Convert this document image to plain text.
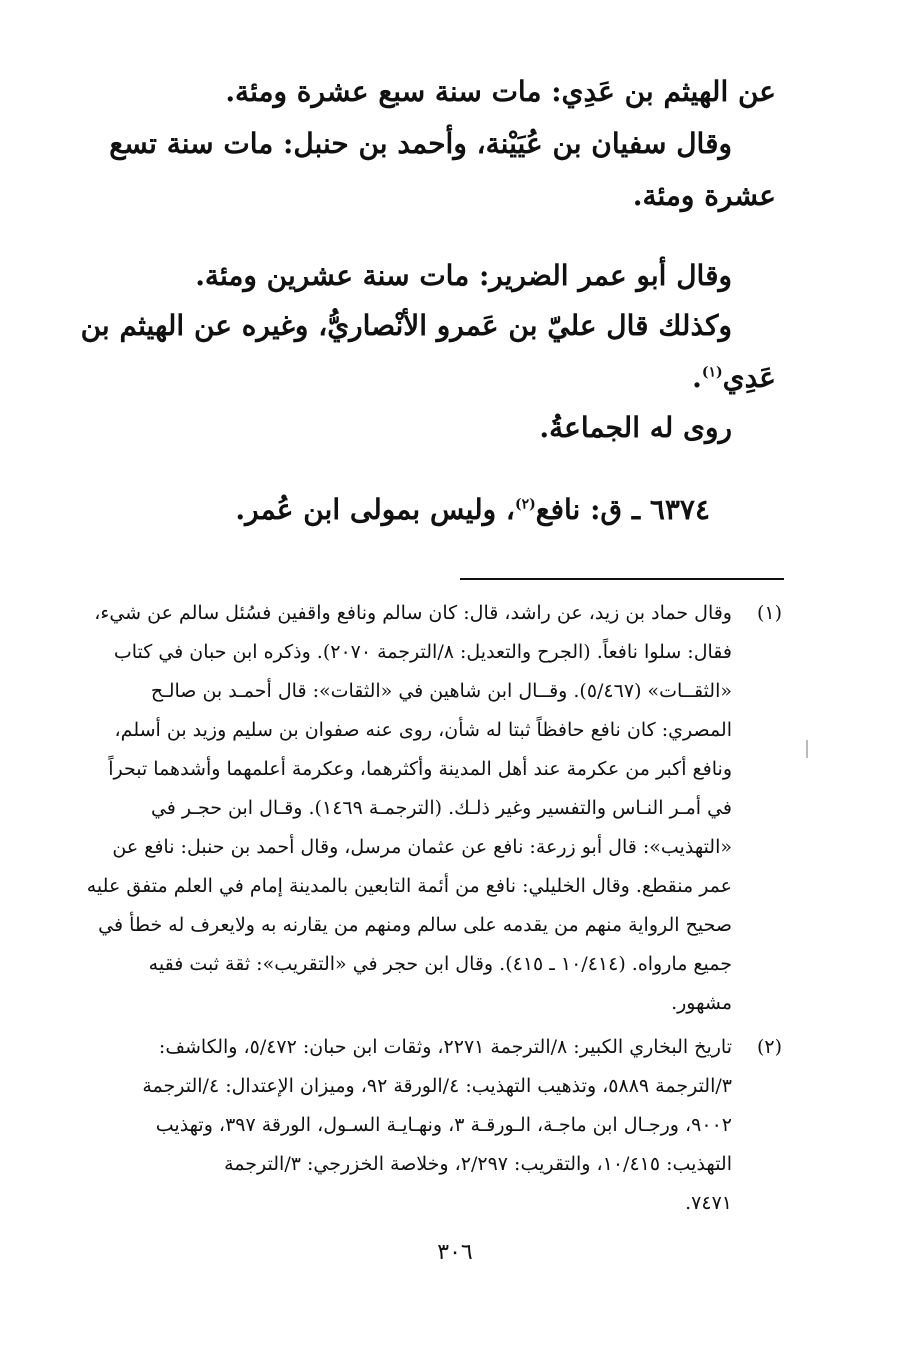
عن الهيثم بن عَدِي: مات سنة سبع عشرة ومئة.
وقال سفيان بن عُيَيْنة، وأحمد بن حنبل: مات سنة تسع
عشرة ومئة.
وقال أبو عمر الضرير: مات سنة عشرين ومئة.
وكذلك قال عليّ بن عَمرو الأنْصاريُّ، وغيره عن الهيثم بن
عَدِي$^{(١)}$.
روى له الجماعةُ.
٦٣٧٤ ـ ق: نافع$^{(٢)}$، وليس بمولى ابن عُمر.
(١)
وقال حماد بن زيد، عن راشد، قال: كان سالم ونافع واقفين فسُئل سالم عن شيء،
فقال: سلوا نافعاً. (الجرح والتعديل: ٨/الترجمة ٢٠٧٠). وذكره ابن حبان في كتاب
«الثقــات» (٥/٤٦٧). وقــال ابن شاهين في «الثقات»: قال أحمـد بن صالـح
المصري: كان نافع حافظاً ثبتا له شأن، روى عنه صفوان بن سليم وزيد بن أسلم،
ونافع أكبر من عكرمة عند أهل المدينة وأكثرهما، وعكرمة أعلمهما وأشدهما تبحراً
في أمـر النـاس والتفسير وغير ذلـك. (الترجمـة ١٤٦٩). وقـال ابن حجـر في
«التهذيب»: قال أبو زرعة: نافع عن عثمان مرسل، وقال أحمد بن حنبل: نافع عن
عمر منقطع. وقال الخليلي: نافع من أئمة التابعين بالمدينة إمام في العلم متفق عليه
صحيح الرواية منهم من يقدمه على سالم ومنهم من يقارنه به ولايعرف له خطأ في
جميع مارواه. (١٠/٤١٤ ـ ٤١٥). وقال ابن حجر في «التقريب»: ثقة ثبت فقيه
مشهور.
(٢)
تاريخ البخاري الكبير: ٨/الترجمة ٢٢٧١، وثقات ابن حبان: ٥/٤٧٢، والكاشف:
٣/الترجمة ٥٨٨٩، وتذهيب التهذيب: ٤/الورقة ٩٢، وميزان الإعتدال: ٤/الترجمة
٩٠٠٢، ورجـال ابن ماجـة، الـورقـة ٣، ونهـايـة السـول، الورقة ٣٩٧، وتهذيب
التهذيب: ١٠/٤١٥، والتقريب: ٢/٢٩٧، وخلاصة الخزرجي: ٣/الترجمة
٧٤٧١.
٣٠٦
